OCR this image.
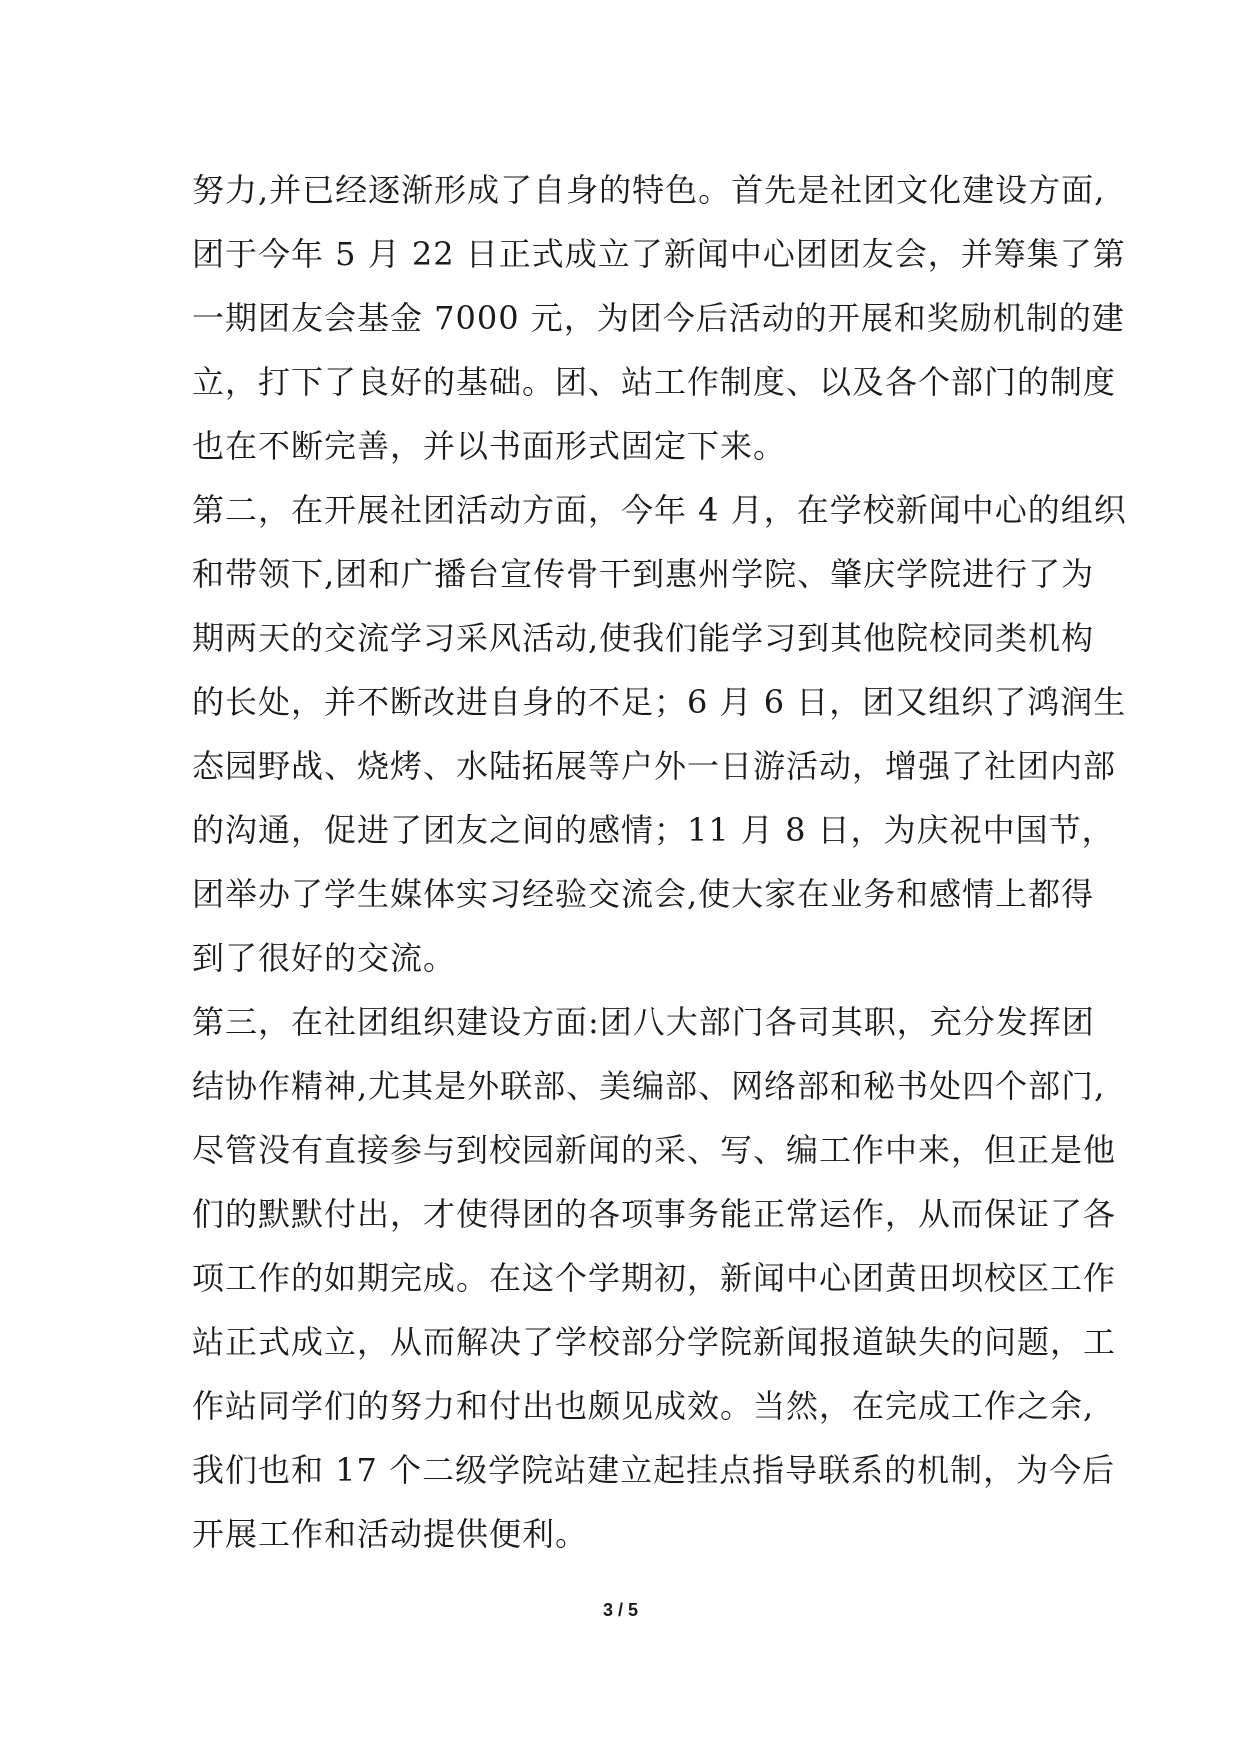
努力,并已经逐渐形成了自身的特色。首先是社团文化建设方面,
团于今年 5 月 22 日正式成立了新闻中心团团友会，并筹集了第
一期团友会基金 7000 元，为团今后活动的开展和奖励机制的建
立，打下了良好的基础。团、站工作制度、以及各个部门的制度
也在不断完善，并以书面形式固定下来。
第二，在开展社团活动方面，今年 4 月，在学校新闻中心的组织
和带领下,团和广播台宣传骨干到惠州学院、肇庆学院进行了为
期两天的交流学习采风活动,使我们能学习到其他院校同类机构
的长处，并不断改进自身的不足；6 月 6 日，团又组织了鸿润生
态园野战、烧烤、水陆拓展等户外一日游活动，增强了社团内部
的沟通，促进了团友之间的感情；11 月 8 日，为庆祝中国节，
团举办了学生媒体实习经验交流会,使大家在业务和感情上都得
到了很好的交流。
第三，在社团组织建设方面:团八大部门各司其职，充分发挥团
结协作精神,尤其是外联部、美编部、网络部和秘书处四个部门,
尽管没有直接参与到校园新闻的采、写、编工作中来，但正是他
们的默默付出，才使得团的各项事务能正常运作，从而保证了各
项工作的如期完成。在这个学期初，新闻中心团黄田坝校区工作
站正式成立，从而解决了学校部分学院新闻报道缺失的问题，工
作站同学们的努力和付出也颇见成效。当然，在完成工作之余,
我们也和 17 个二级学院站建立起挂点指导联系的机制，为今后
开展工作和活动提供便利。
3 / 5
